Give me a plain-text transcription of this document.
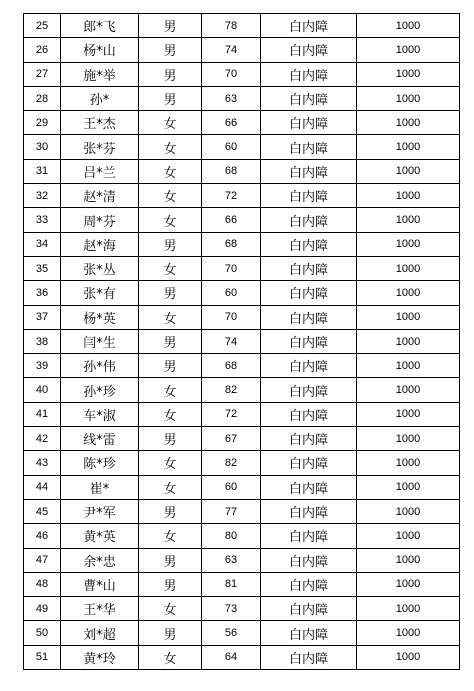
25	郎*飞	男	78	白内障	1000
26	杨*山	男	74	白内障	1000
27	施*举	男	70	白内障	1000
28	孙*	男	63	白内障	1000
29	王*杰	女	66	白内障	1000
30	张*芬	女	60	白内障	1000
31	吕*兰	女	68	白内障	1000
32	赵*清	女	72	白内障	1000
33	周*芬	女	66	白内障	1000
34	赵*海	男	68	白内障	1000
35	张*丛	女	70	白内障	1000
36	张*有	男	60	白内障	1000
37	杨*英	女	70	白内障	1000
38	闫*生	男	74	白内障	1000
39	孙*伟	男	68	白内障	1000
40	孙*珍	女	82	白内障	1000
41	车*淑	女	72	白内障	1000
42	线*雷	男	67	白内障	1000
43	陈*珍	女	82	白内障	1000
44	崔*	女	60	白内障	1000
45	尹*军	男	77	白内障	1000
46	黄*英	女	80	白内障	1000
47	余*忠	男	63	白内障	1000
48	曹*山	男	81	白内障	1000
49	王*华	女	73	白内障	1000
50	刘*超	男	56	白内障	1000
51	黄*玲	女	64	白内障	1000
